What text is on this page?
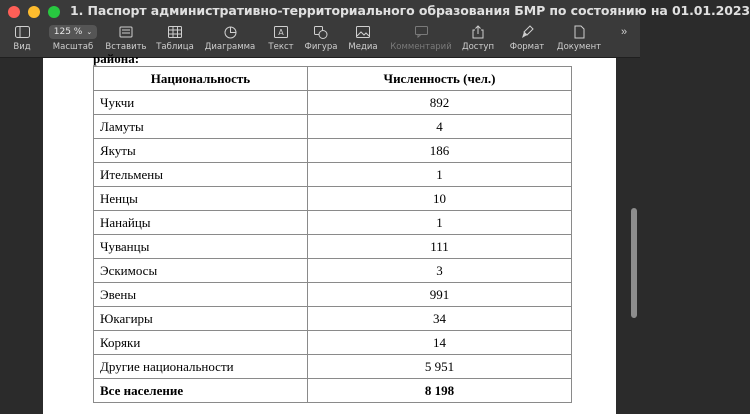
1. Паспорт административно-территориального образования БМР по состоянию на 01.01.2023
Вид
125 % ⌄
Масштаб Вставить Таблица Диаграмма
A
Текст Фигура Медиа Комментарий Доступ Формат Документ
»
района:
Национальность	Численность (чел.)
Чукчи	892
Ламуты	4
Якуты	186
Ительмены	1
Ненцы	10
Нанайцы	1
Чуванцы	111
Эскимосы	3
Эвены	991
Юкагиры	34
Коряки	14
Другие национальности	5 951
Все население	8 198
